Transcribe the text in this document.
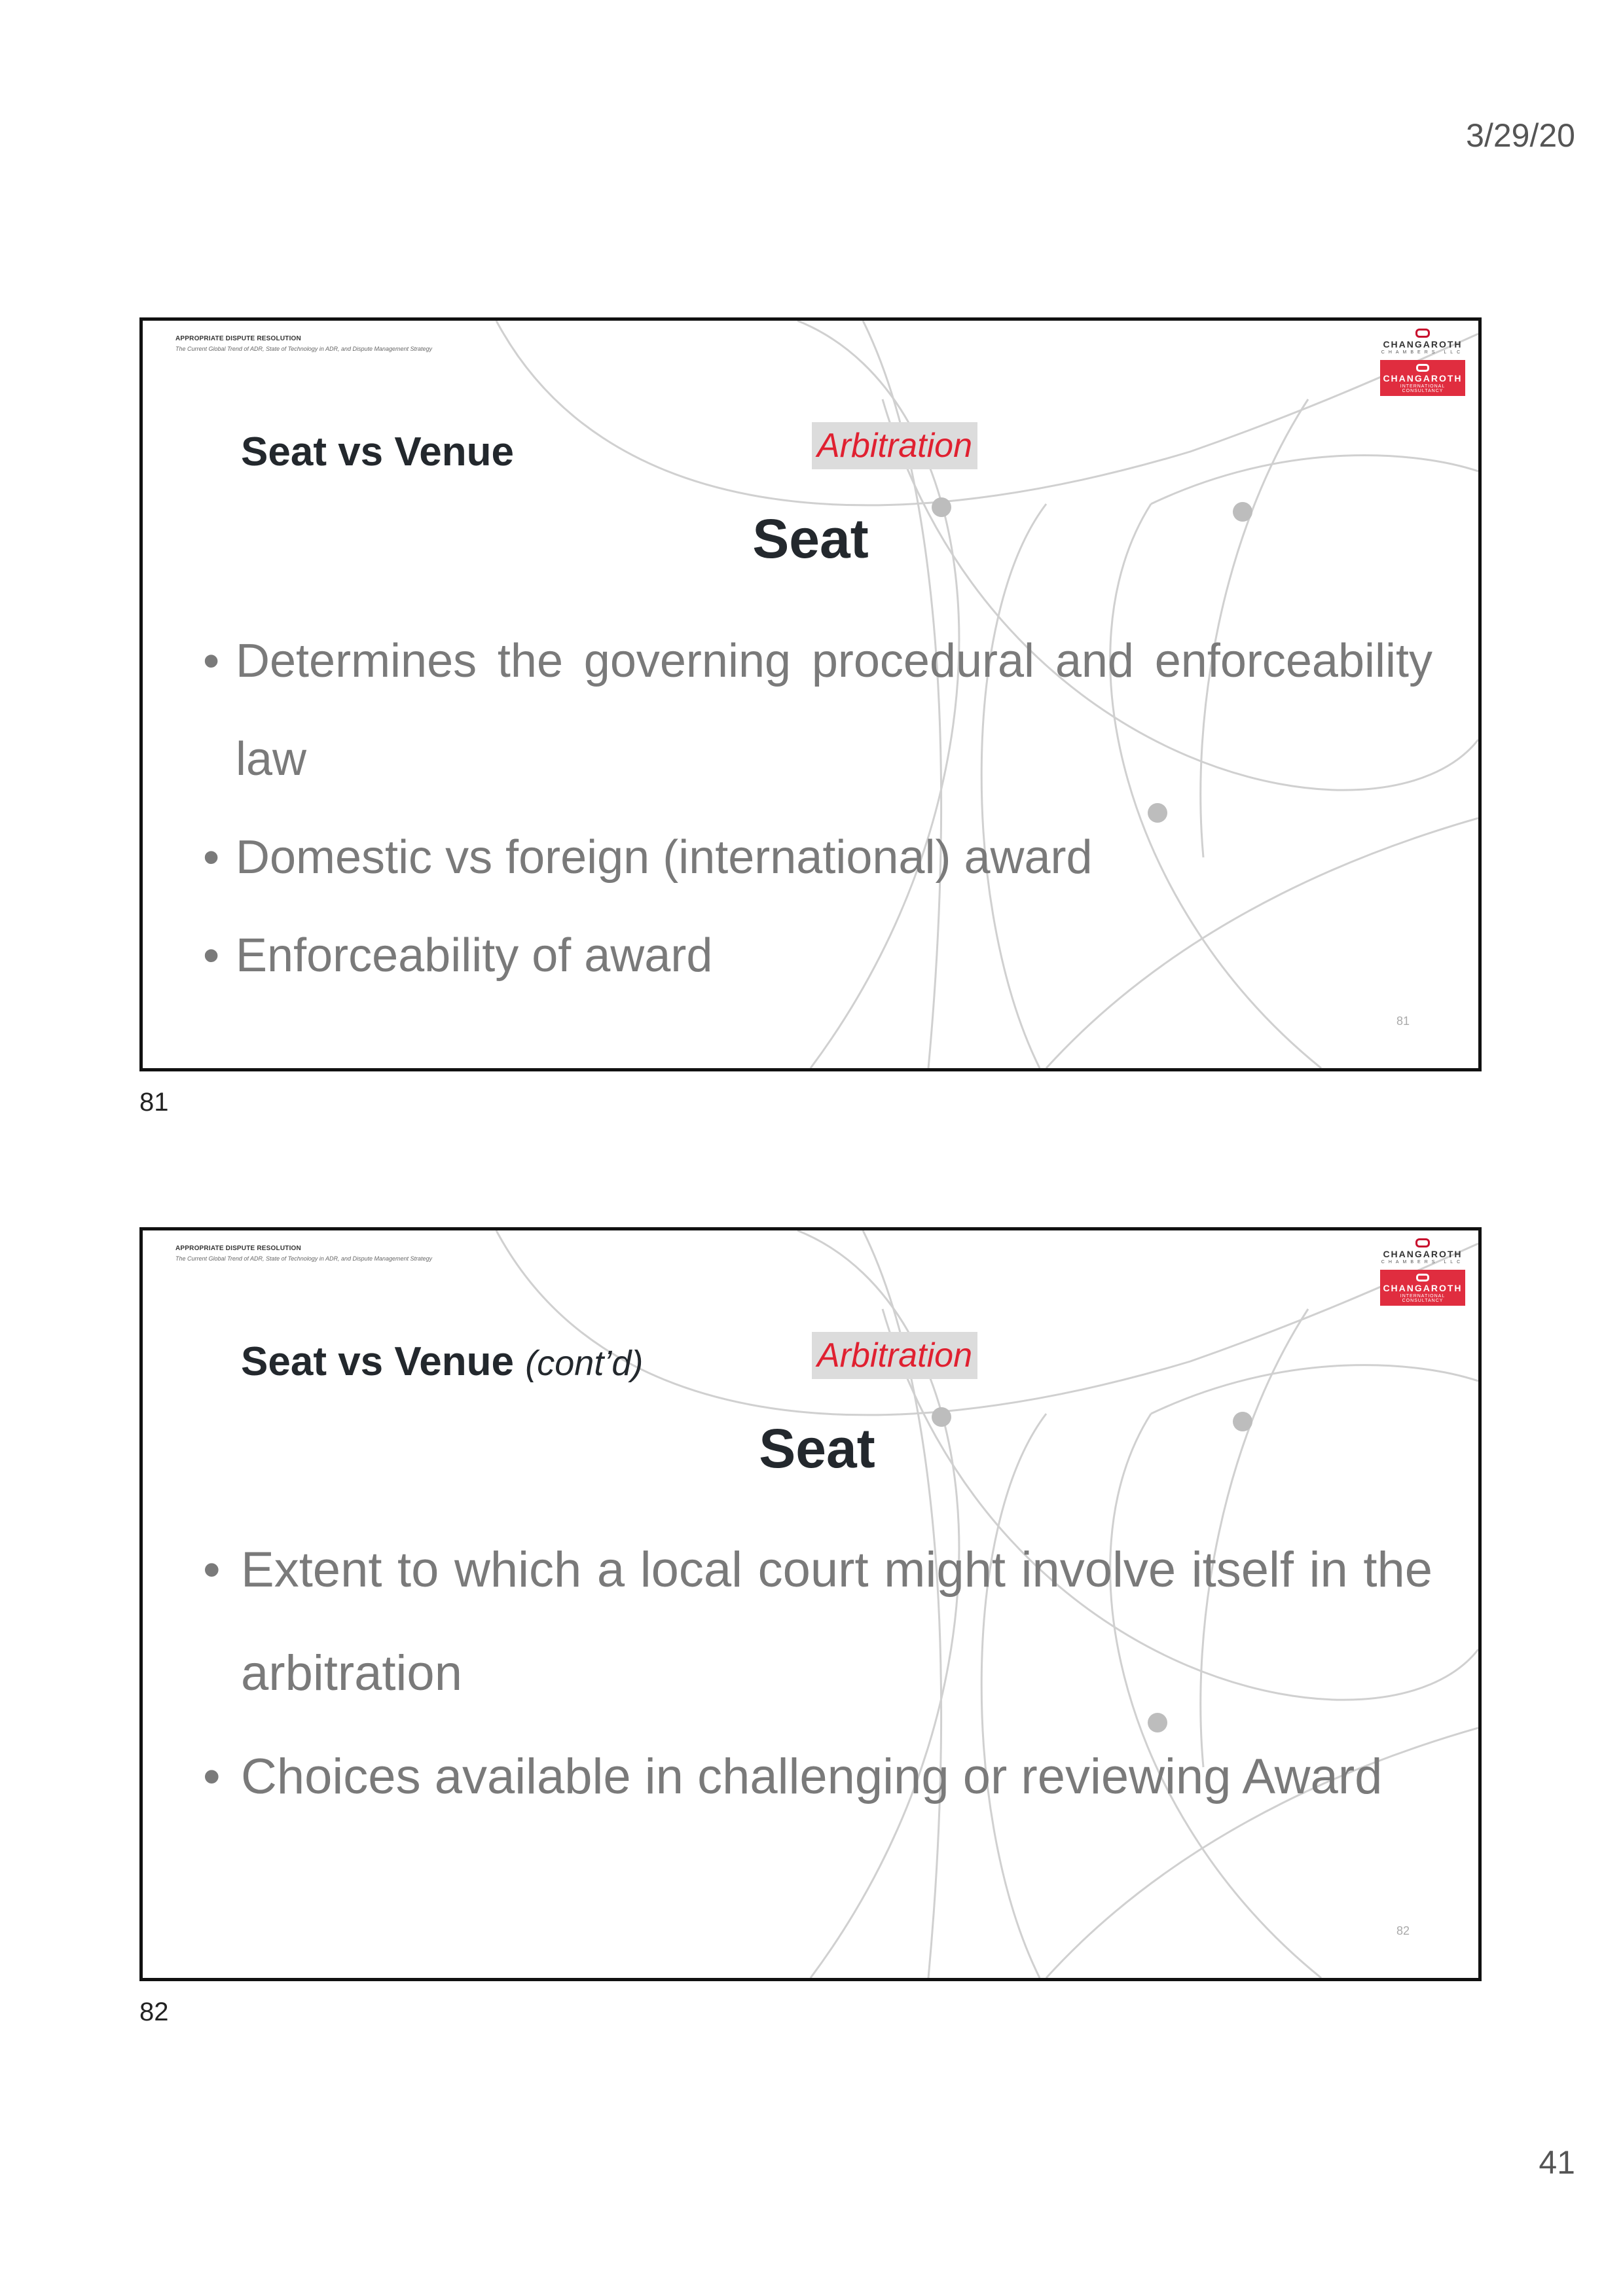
3/29/20
APPROPRIATE DISPUTE RESOLUTION
The Current Global Trend of ADR, State of Technology in ADR, and Dispute Management Strategy	CHANGAROTH
CHAMBERS LLC
CHANGAROTH
INTERNATIONAL CONSULTANCY
Seat vs Venue	Arbitration
Seat
• Determines the governing procedural and enforceability law
• Domestic vs foreign (international) award
• Enforceability of award
81
81
APPROPRIATE DISPUTE RESOLUTION
The Current Global Trend of ADR, State of Technology in ADR, and Dispute Management Strategy	CHANGAROTH
CHAMBERS LLC
CHANGAROTH
INTERNATIONAL CONSULTANCY
Seat vs Venue (cont’d)	Arbitration
Seat
• Extent to which a local court might involve itself in the arbitration
• Choices available in challenging or reviewing Award
82
82
41
